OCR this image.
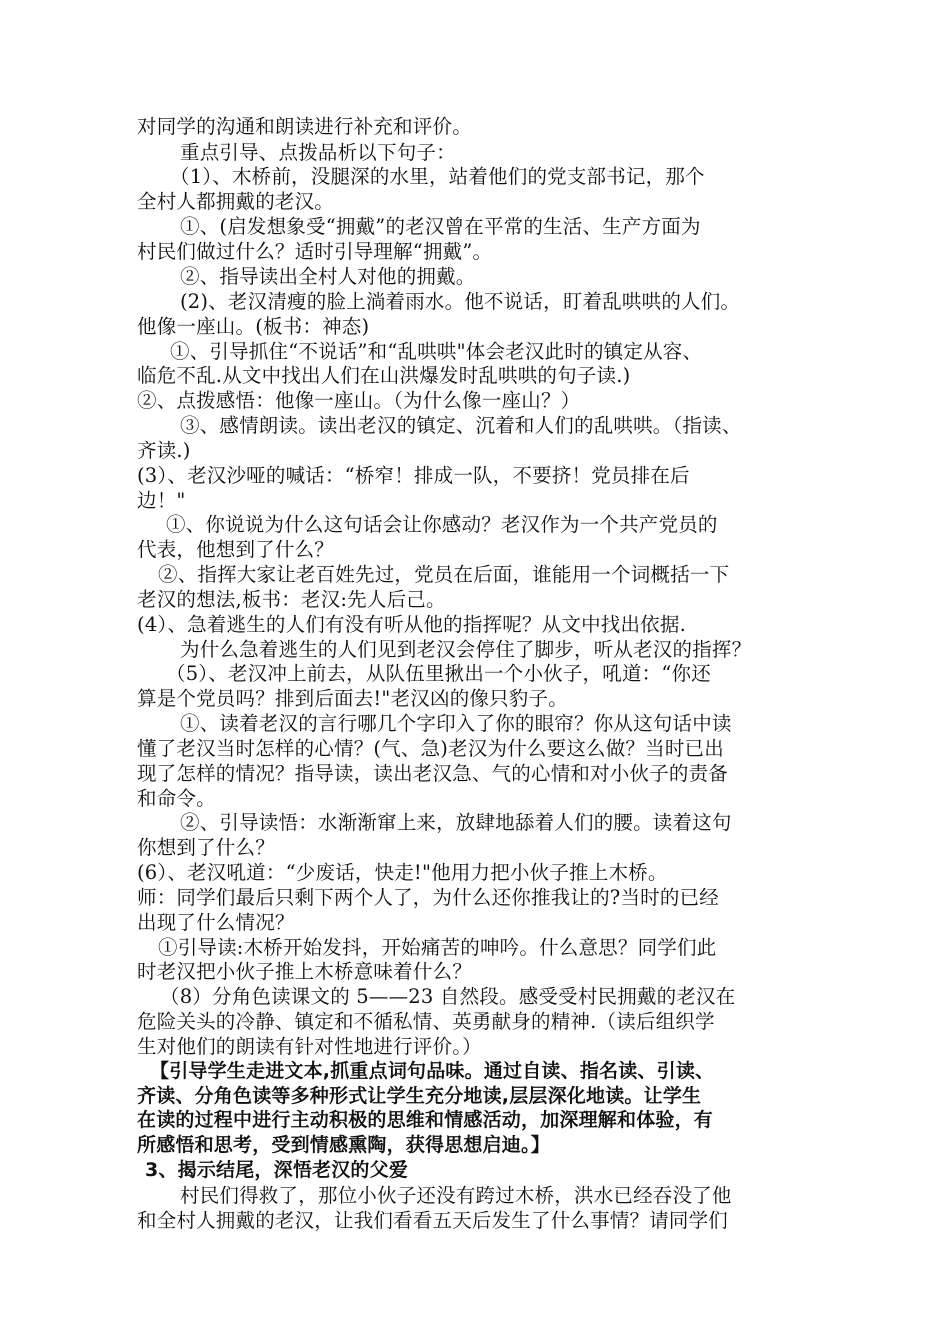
对同学的沟通和朗读进行补充和评价。
重点引导、点拨品析以下句子：
（1）、木桥前，没腿深的水里，站着他们的党支部书记，那个
全村人都拥戴的老汉。
①、(启发想象受“拥戴”的老汉曾在平常的生活、生产方面为
村民们做过什么？适时引导理解“拥戴”。
②、指导读出全村人对他的拥戴。
(2)、老汉清瘦的脸上淌着雨水。他不说话，盯着乱哄哄的人们。
他像一座山。(板书：神态)
①、引导抓住“不说话”和“乱哄哄"体会老汉此时的镇定从容、
临危不乱.从文中找出人们在山洪爆发时乱哄哄的句子读.)
②、点拨感悟：他像一座山。（为什么像一座山？）
③、感情朗读。读出老汉的镇定、沉着和人们的乱哄哄。（指读、
齐读.)
(3）、老汉沙哑的喊话：“桥窄！排成一队，不要挤！党员排在后
边！"
①、你说说为什么这句话会让你感动？老汉作为一个共产党员的
代表，他想到了什么？
②、指挥大家让老百姓先过，党员在后面，谁能用一个词概括一下
老汉的想法,板书：老汉:先人后己。
(4）、急着逃生的人们有没有听从他的指挥呢？从文中找出依据.
为什么急着逃生的人们见到老汉会停住了脚步，听从老汉的指挥？
（5）、老汉冲上前去，从队伍里揪出一个小伙子，吼道：“你还
算是个党员吗？排到后面去!"老汉凶的像只豹子。
①、读着老汉的言行哪几个字印入了你的眼帘？你从这句话中读
懂了老汉当时怎样的心情？(气、急)老汉为什么要这么做？当时已出
现了怎样的情况？指导读，读出老汉急、气的心情和对小伙子的责备
和命令。
②、引导读悟：水渐渐窜上来，放肆地舔着人们的腰。读着这句
你想到了什么？
(6）、老汉吼道：“少废话，快走!"他用力把小伙子推上木桥。
师：同学们最后只剩下两个人了，为什么还你推我让的?当时的已经
出现了什么情况？
①引导读:木桥开始发抖，开始痛苦的呻吟。什么意思？同学们此
时老汉把小伙子推上木桥意味着什么？
（8）分角色读课文的 5——23 自然段。感受受村民拥戴的老汉在
危险关头的冷静、镇定和不循私情、英勇献身的精神.（读后组织学
生对他们的朗读有针对性地进行评价。）
【引导学生走进文本,抓重点词句品味。通过自读、指名读、引读、
齐读、分角色读等多种形式让学生充分地读,层层深化地读。让学生
在读的过程中进行主动积极的思维和情感活动，加深理解和体验，有
所感悟和思考，受到情感熏陶，获得思想启迪。】
3、揭示结尾，深悟老汉的父爱
村民们得救了，那位小伙子还没有跨过木桥，洪水已经吞没了他
和全村人拥戴的老汉，让我们看看五天后发生了什么事情？请同学们
